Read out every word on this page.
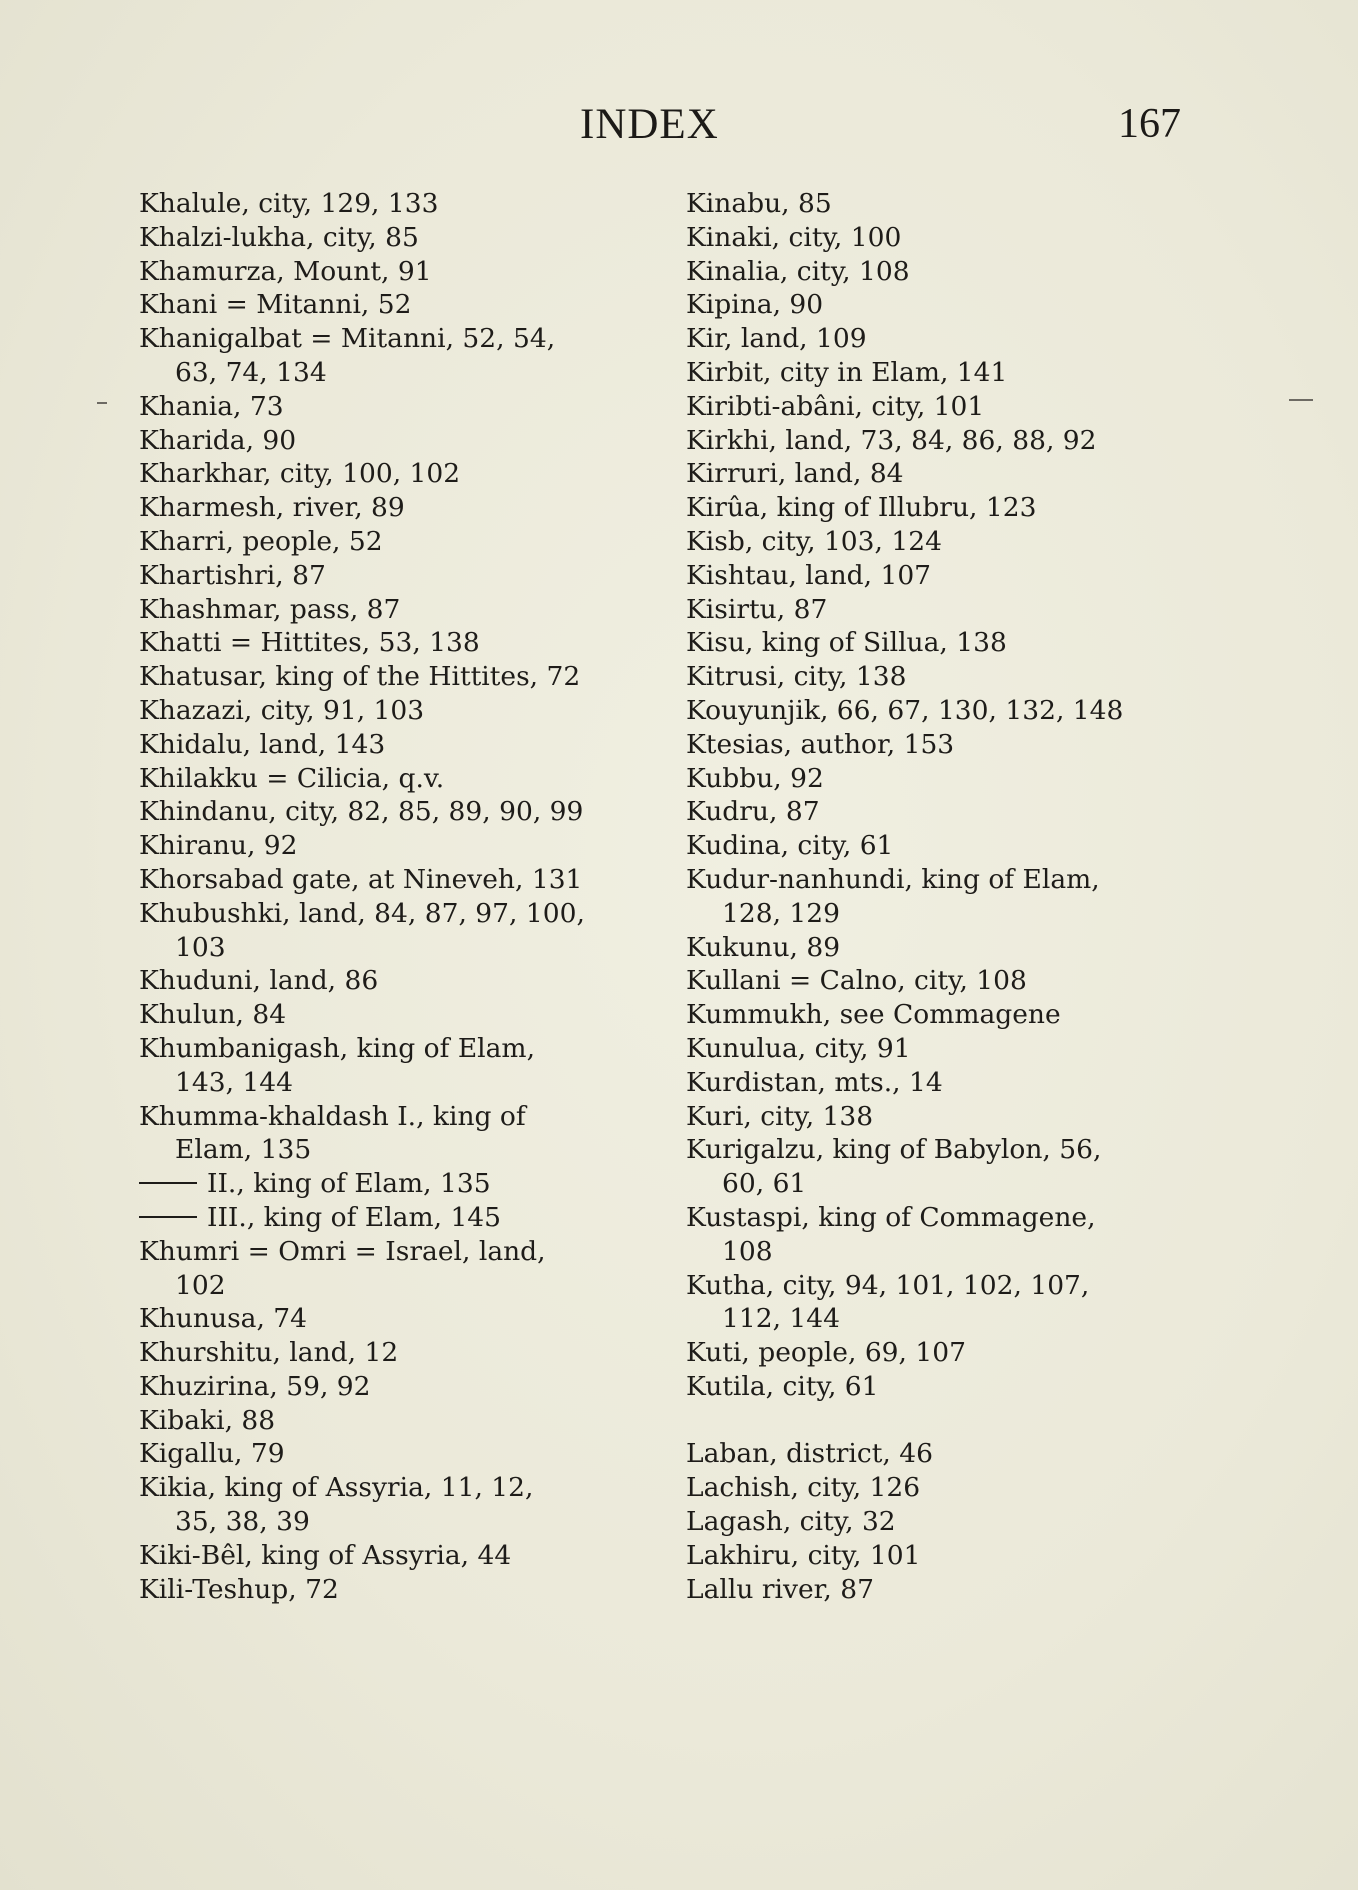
INDEX	167
Khalule, city, 129, 133
Khalzi-lukha, city, 85
Khamurza, Mount, 91
Khani = Mitanni, 52
Khanigalbat = Mitanni, 52, 54,
63, 74, 134
Khania, 73
Kharida, 90
Kharkhar, city, 100, 102
Kharmesh, river, 89
Kharri, people, 52
Khartishri, 87
Khashmar, pass, 87
Khatti = Hittites, 53, 138
Khatusar, king of the Hittites, 72
Khazazi, city, 91, 103
Khidalu, land, 143
Khilakku = Cilicia, q.v.
Khindanu, city, 82, 85, 89, 90, 99
Khiranu, 92
Khorsabad gate, at Nineveh, 131
Khubushki, land, 84, 87, 97, 100,
103
Khuduni, land, 86
Khulun, 84
Khumbanigash, king of Elam,
143, 144
Khumma-khaldash I., king of
Elam, 135
II., king of Elam, 135
III., king of Elam, 145
Khumri = Omri = Israel, land,
102
Khunusa, 74
Khurshitu, land, 12
Khuzirina, 59, 92
Kibaki, 88
Kigallu, 79
Kikia, king of Assyria, 11, 12,
35, 38, 39
Kiki-Bêl, king of Assyria, 44
Kili-Teshup, 72
Kinabu, 85
Kinaki, city, 100
Kinalia, city, 108
Kipina, 90
Kir, land, 109
Kirbit, city in Elam, 141
Kiribti-abâni, city, 101
Kirkhi, land, 73, 84, 86, 88, 92
Kirruri, land, 84
Kirûa, king of Illubru, 123
Kisb, city, 103, 124
Kishtau, land, 107
Kisirtu, 87
Kisu, king of Sillua, 138
Kitrusi, city, 138
Kouyunjik, 66, 67, 130, 132, 148
Ktesias, author, 153
Kubbu, 92
Kudru, 87
Kudina, city, 61
Kudur-nanhundi, king of Elam,
128, 129
Kukunu, 89
Kullani = Calno, city, 108
Kummukh, see Commagene
Kunulua, city, 91
Kurdistan, mts., 14
Kuri, city, 138
Kurigalzu, king of Babylon, 56,
60, 61
Kustaspi, king of Commagene,
108
Kutha, city, 94, 101, 102, 107,
112, 144
Kuti, people, 69, 107
Kutila, city, 61
Laban, district, 46
Lachish, city, 126
Lagash, city, 32
Lakhiru, city, 101
Lallu river, 87
